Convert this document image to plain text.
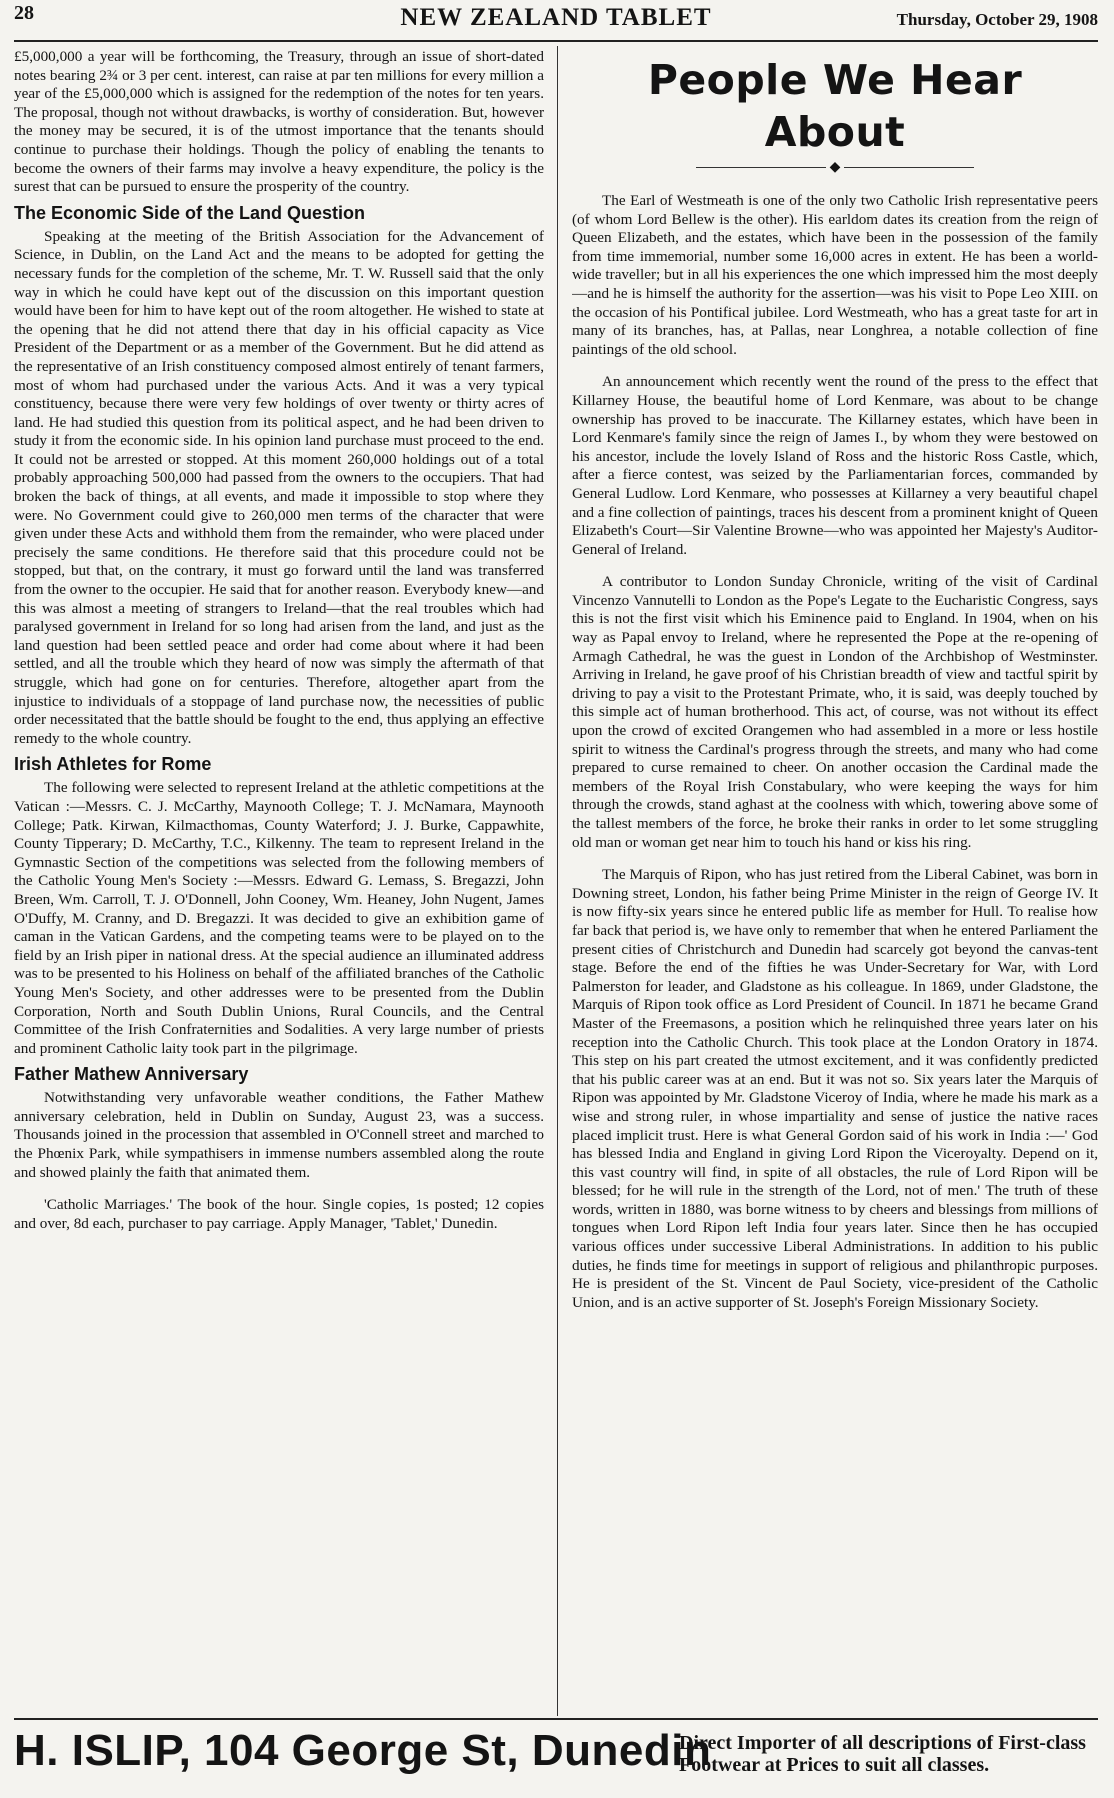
28	NEW ZEALAND TABLET	Thursday, October 29, 1908

£5,000,000 a year will be forthcoming, the Treasury, through an issue of short-dated notes bearing 2¾ or 3 per cent. interest, can raise at par ten millions for every million a year of the £5,000,000 which is assigned for the redemption of the notes for ten years. The proposal, though not without drawbacks, is worthy of consideration. But, however the money may be secured, it is of the utmost importance that the tenants should continue to purchase their holdings. Though the policy of enabling the tenants to become the owners of their farms may involve a heavy expenditure, the policy is the surest that can be pursued to ensure the prosperity of the country.

The Economic Side of the Land Question

Speaking at the meeting of the British Association for the Advancement of Science, in Dublin, on the Land Act and the means to be adopted for getting the necessary funds for the completion of the scheme, Mr. T. W. Russell said that the only way in which he could have kept out of the discussion on this important question would have been for him to have kept out of the room altogether. He wished to state at the opening that he did not attend there that day in his official capacity as Vice President of the Department or as a member of the Government. But he did attend as the representative of an Irish constituency composed almost entirely of tenant farmers, most of whom had purchased under the various Acts. And it was a very typical constituency, because there were very few holdings of over twenty or thirty acres of land. He had studied this question from its political aspect, and he had been driven to study it from the economic side. In his opinion land purchase must proceed to the end. It could not be arrested or stopped. At this moment 260,000 holdings out of a total probably approaching 500,000 had passed from the owners to the occupiers. That had broken the back of things, at all events, and made it impossible to stop where they were. No Government could give to 260,000 men terms of the character that were given under these Acts and withhold them from the remainder, who were placed under precisely the same conditions. He therefore said that this procedure could not be stopped, but that, on the contrary, it must go forward until the land was transferred from the owner to the occupier. He said that for another reason. Everybody knew—and this was almost a meeting of strangers to Ireland—that the real troubles which had paralysed government in Ireland for so long had arisen from the land, and just as the land question had been settled peace and order had come about where it had been settled, and all the trouble which they heard of now was simply the aftermath of that struggle, which had gone on for centuries. Therefore, altogether apart from the injustice to individuals of a stoppage of land purchase now, the necessities of public order necessitated that the battle should be fought to the end, thus applying an effective remedy to the whole country.

Irish Athletes for Rome

The following were selected to represent Ireland at the athletic competitions at the Vatican :—Messrs. C. J. McCarthy, Maynooth College; T. J. McNamara, Maynooth College; Patk. Kirwan, Kilmacthomas, County Waterford; J. J. Burke, Cappawhite, County Tipperary; D. McCarthy, T.C., Kilkenny. The team to represent Ireland in the Gymnastic Section of the competitions was selected from the following members of the Catholic Young Men's Society :—Messrs. Edward G. Lemass, S. Bregazzi, John Breen, Wm. Carroll, T. J. O'Donnell, John Cooney, Wm. Heaney, John Nugent, James O'Duffy, M. Cranny, and D. Bregazzi. It was decided to give an exhibition game of caman in the Vatican Gardens, and the competing teams were to be played on to the field by an Irish piper in national dress. At the special audience an illuminated address was to be presented to his Holiness on behalf of the affiliated branches of the Catholic Young Men's Society, and other addresses were to be presented from the Dublin Corporation, North and South Dublin Unions, Rural Councils, and the Central Committee of the Irish Confraternities and Sodalities. A very large number of priests and prominent Catholic laity took part in the pilgrimage.

Father Mathew Anniversary

Notwithstanding very unfavorable weather conditions, the Father Mathew anniversary celebration, held in Dublin on Sunday, August 23, was a success. Thousands joined in the procession that assembled in O'Connell street and marched to the Phœnix Park, while sympathisers in immense numbers assembled along the route and showed plainly the faith that animated them.

'Catholic Marriages.' The book of the hour. Single copies, 1s posted; 12 copies and over, 8d each, purchaser to pay carriage. Apply Manager, 'Tablet,' Dunedin.

People We Hear About
◆

The Earl of Westmeath is one of the only two Catholic Irish representative peers (of whom Lord Bellew is the other). His earldom dates its creation from the reign of Queen Elizabeth, and the estates, which have been in the possession of the family from time immemorial, number some 16,000 acres in extent. He has been a world-wide traveller; but in all his experiences the one which impressed him the most deeply—and he is himself the authority for the assertion—was his visit to Pope Leo XIII. on the occasion of his Pontifical jubilee. Lord Westmeath, who has a great taste for art in many of its branches, has, at Pallas, near Longhrea, a notable collection of fine paintings of the old school.

An announcement which recently went the round of the press to the effect that Killarney House, the beautiful home of Lord Kenmare, was about to be change ownership has proved to be inaccurate. The Killarney estates, which have been in Lord Kenmare's family since the reign of James I., by whom they were bestowed on his ancestor, include the lovely Island of Ross and the historic Ross Castle, which, after a fierce contest, was seized by the Parliamentarian forces, commanded by General Ludlow. Lord Kenmare, who possesses at Killarney a very beautiful chapel and a fine collection of paintings, traces his descent from a prominent knight of Queen Elizabeth's Court—Sir Valentine Browne—who was appointed her Majesty's Auditor-General of Ireland.

A contributor to London Sunday Chronicle, writing of the visit of Cardinal Vincenzo Vannutelli to London as the Pope's Legate to the Eucharistic Congress, says this is not the first visit which his Eminence paid to England. In 1904, when on his way as Papal envoy to Ireland, where he represented the Pope at the re-opening of Armagh Cathedral, he was the guest in London of the Archbishop of Westminster. Arriving in Ireland, he gave proof of his Christian breadth of view and tactful spirit by driving to pay a visit to the Protestant Primate, who, it is said, was deeply touched by this simple act of human brotherhood. This act, of course, was not without its effect upon the crowd of excited Orangemen who had assembled in a more or less hostile spirit to witness the Cardinal's progress through the streets, and many who had come prepared to curse remained to cheer. On another occasion the Cardinal made the members of the Royal Irish Constabulary, who were keeping the ways for him through the crowds, stand aghast at the coolness with which, towering above some of the tallest members of the force, he broke their ranks in order to let some struggling old man or woman get near him to touch his hand or kiss his ring.

The Marquis of Ripon, who has just retired from the Liberal Cabinet, was born in Downing street, London, his father being Prime Minister in the reign of George IV. It is now fifty-six years since he entered public life as member for Hull. To realise how far back that period is, we have only to remember that when he entered Parliament the present cities of Christchurch and Dunedin had scarcely got beyond the canvas-tent stage. Before the end of the fifties he was Under-Secretary for War, with Lord Palmerston for leader, and Gladstone as his colleague. In 1869, under Gladstone, the Marquis of Ripon took office as Lord President of Council. In 1871 he became Grand Master of the Freemasons, a position which he relinquished three years later on his reception into the Catholic Church. This took place at the London Oratory in 1874. This step on his part created the utmost excitement, and it was confidently predicted that his public career was at an end. But it was not so. Six years later the Marquis of Ripon was appointed by Mr. Gladstone Viceroy of India, where he made his mark as a wise and strong ruler, in whose impartiality and sense of justice the native races placed implicit trust. Here is what General Gordon said of his work in India :—' God has blessed India and England in giving Lord Ripon the Viceroyalty. Depend on it, this vast country will find, in spite of all obstacles, the rule of Lord Ripon will be blessed; for he will rule in the strength of the Lord, not of men.' The truth of these words, written in 1880, was borne witness to by cheers and blessings from millions of tongues when Lord Ripon left India four years later. Since then he has occupied various offices under successive Liberal Administrations. In addition to his public duties, he finds time for meetings in support of religious and philanthropic purposes. He is president of the St. Vincent de Paul Society, vice-president of the Catholic Union, and is an active supporter of St. Joseph's Foreign Missionary Society.

H. ISLIP, 104 George St, Dunedin
Direct Importer of all descriptions of First-class Footwear at Prices to suit all classes.
